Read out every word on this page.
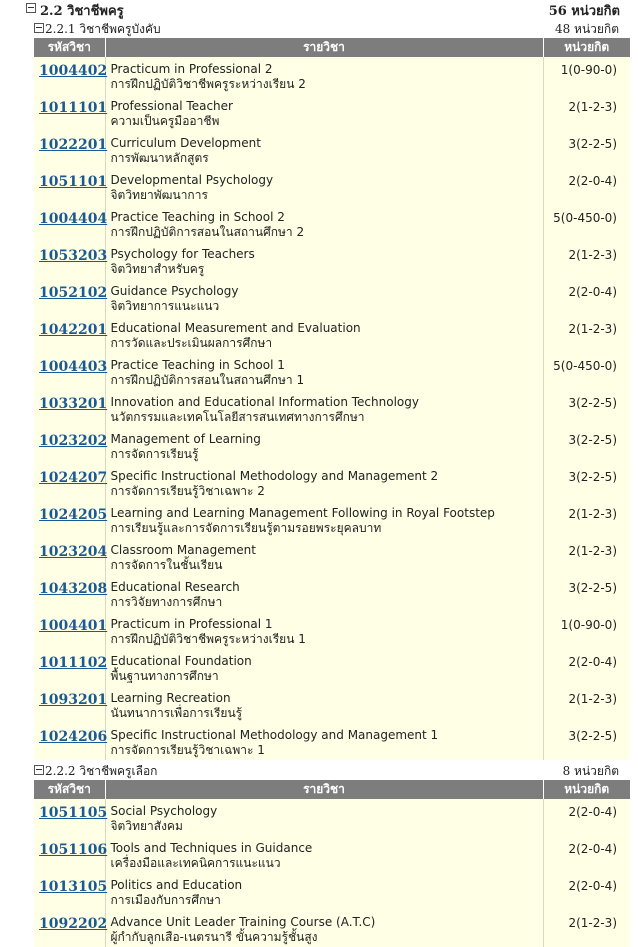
2.2 วิชาชีพครู	56 หน่วยกิต
2.2.1 วิชาชีพครูบังคับ	48 หน่วยกิต
รหัสวิชา	รายวิชา	หน่วยกิต

1004402	Practicum in Professional 2
การฝึกปฏิบัติวิชาชีพครูระหว่างเรียน 2	1(0-90-0)

1011101	Professional Teacher
ความเป็นครูมืออาชีพ	2(1-2-3)

1022201	Curriculum Development
การพัฒนาหลักสูตร	3(2-2-5)

1051101	Developmental Psychology
จิตวิทยาพัฒนาการ	2(2-0-4)

1004404	Practice Teaching in School 2
การฝึกปฏิบัติการสอนในสถานศึกษา 2	5(0-450-0)

1053203	Psychology for Teachers
จิตวิทยาสำหรับครู	2(1-2-3)

1052102	Guidance Psychology
จิตวิทยาการแนะแนว	2(2-0-4)

1042201	Educational Measurement and Evaluation
การวัดและประเมินผลการศึกษา	2(1-2-3)

1004403	Practice Teaching in School 1
การฝึกปฏิบัติการสอนในสถานศึกษา 1	5(0-450-0)

1033201	Innovation and Educational Information Technology
นวัตกรรมและเทคโนโลยีสารสนเทศทางการศึกษา	3(2-2-5)

1023202	Management of Learning
การจัดการเรียนรู้	3(2-2-5)

1024207	Specific Instructional Methodology and Management 2
การจัดการเรียนรู้วิชาเฉพาะ 2	3(2-2-5)

1024205	Learning and Learning Management Following in Royal Footstep
การเรียนรู้และการจัดการเรียนรู้ตามรอยพระยุคลบาท	2(1-2-3)

1023204	Classroom Management
การจัดการในชั้นเรียน	2(1-2-3)

1043208	Educational Research
การวิจัยทางการศึกษา	3(2-2-5)

1004401	Practicum in Professional 1
การฝึกปฏิบัติวิชาชีพครูระหว่างเรียน 1	1(0-90-0)

1011102	Educational Foundation
พื้นฐานทางการศึกษา	2(2-0-4)

1093201	Learning Recreation
นันทนาการเพื่อการเรียนรู้	2(1-2-3)

1024206	Specific Instructional Methodology and Management 1
การจัดการเรียนรู้วิชาเฉพาะ 1	3(2-2-5)
2.2.2 วิชาชีพครูเลือก	8 หน่วยกิต
รหัสวิชา	รายวิชา	หน่วยกิต

1051105	Social Psychology
จิตวิทยาสังคม	2(2-0-4)

1051106	Tools and Techniques in Guidance
เครื่องมือและเทคนิคการแนะแนว	2(2-0-4)

1013105	Politics and Education
การเมืองกับการศึกษา	2(2-0-4)

1092202	Advance Unit Leader Training Course (A.T.C)
ผู้กำกับลูกเสือ-เนตรนารี ขั้นความรู้ชั้นสูง	2(1-2-3)
